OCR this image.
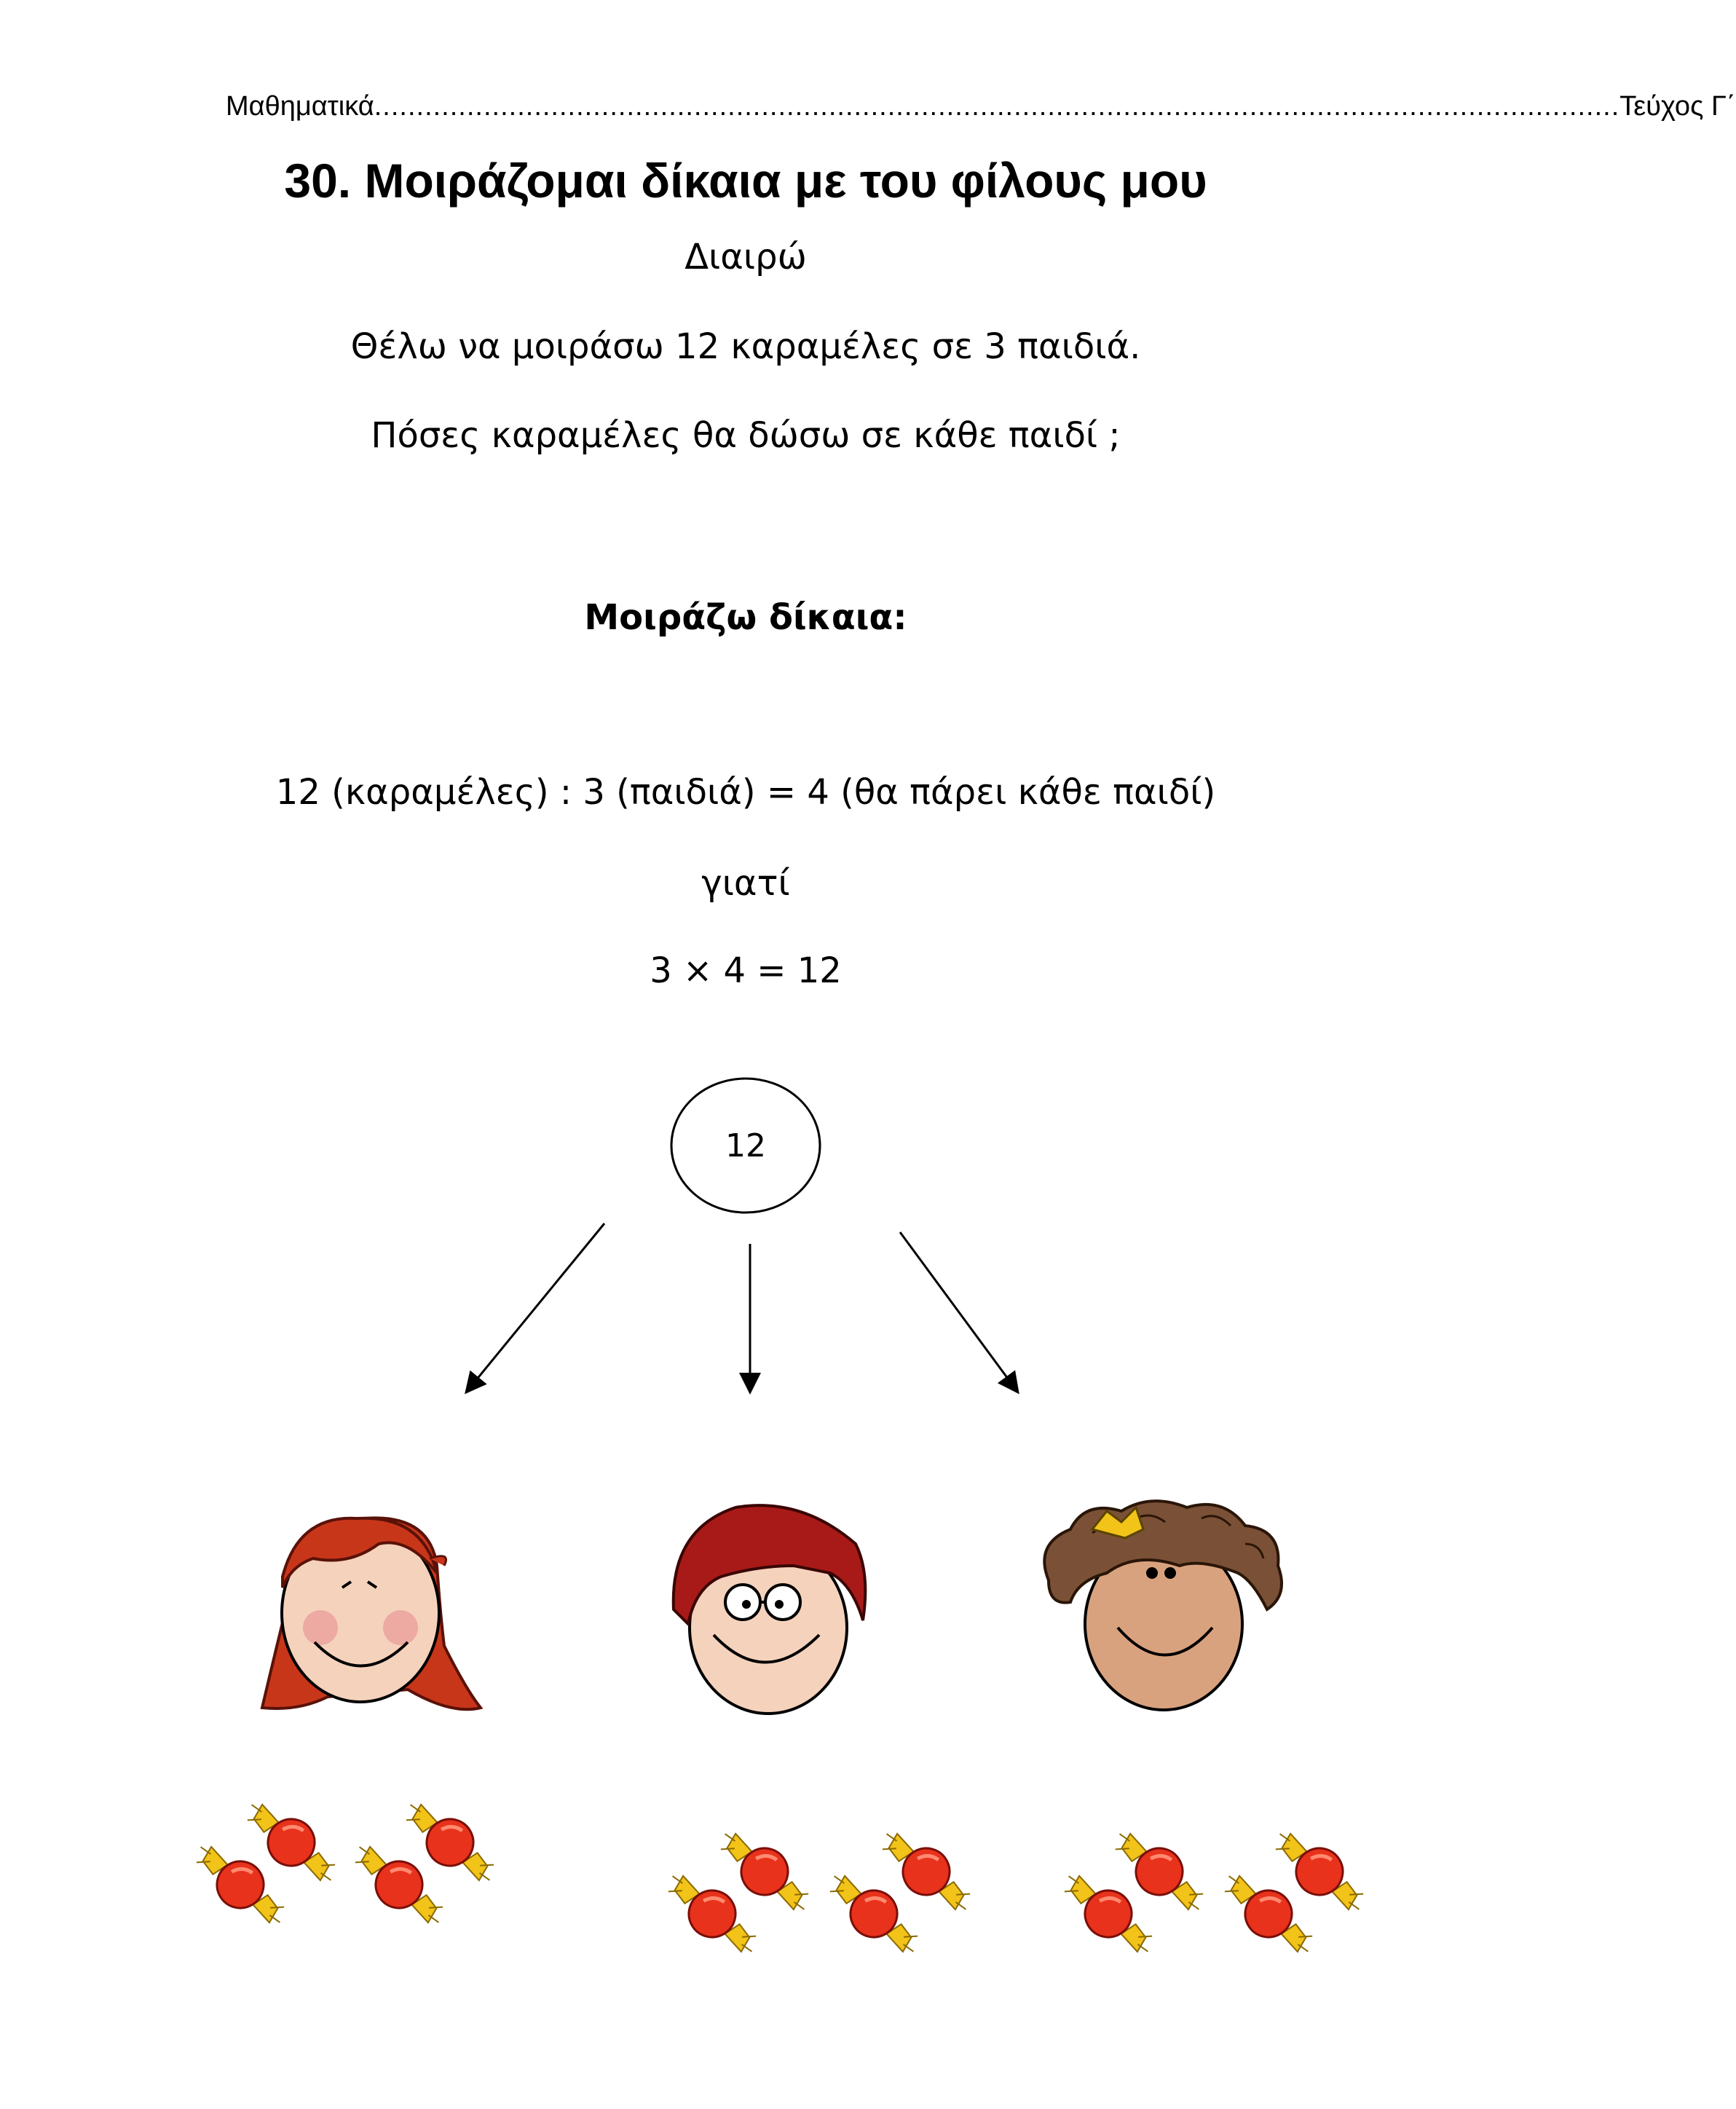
Μαθηματικά .................................................................................................................................................... Τεύχος Γ΄
30. Μοιράζομαι δίκαια με του φίλους μου
Διαιρώ
Θέλω να μοιράσω 12 καραμέλες σε 3 παιδιά.
Πόσες καραμέλες θα δώσω σε κάθε παιδί ;
Μοιράζω δίκαια:
12 (καραμέλες) : 3 (παιδιά) = 4 (θα πάρει κάθε παιδί)
γιατί
3 × 4 = 12
12
